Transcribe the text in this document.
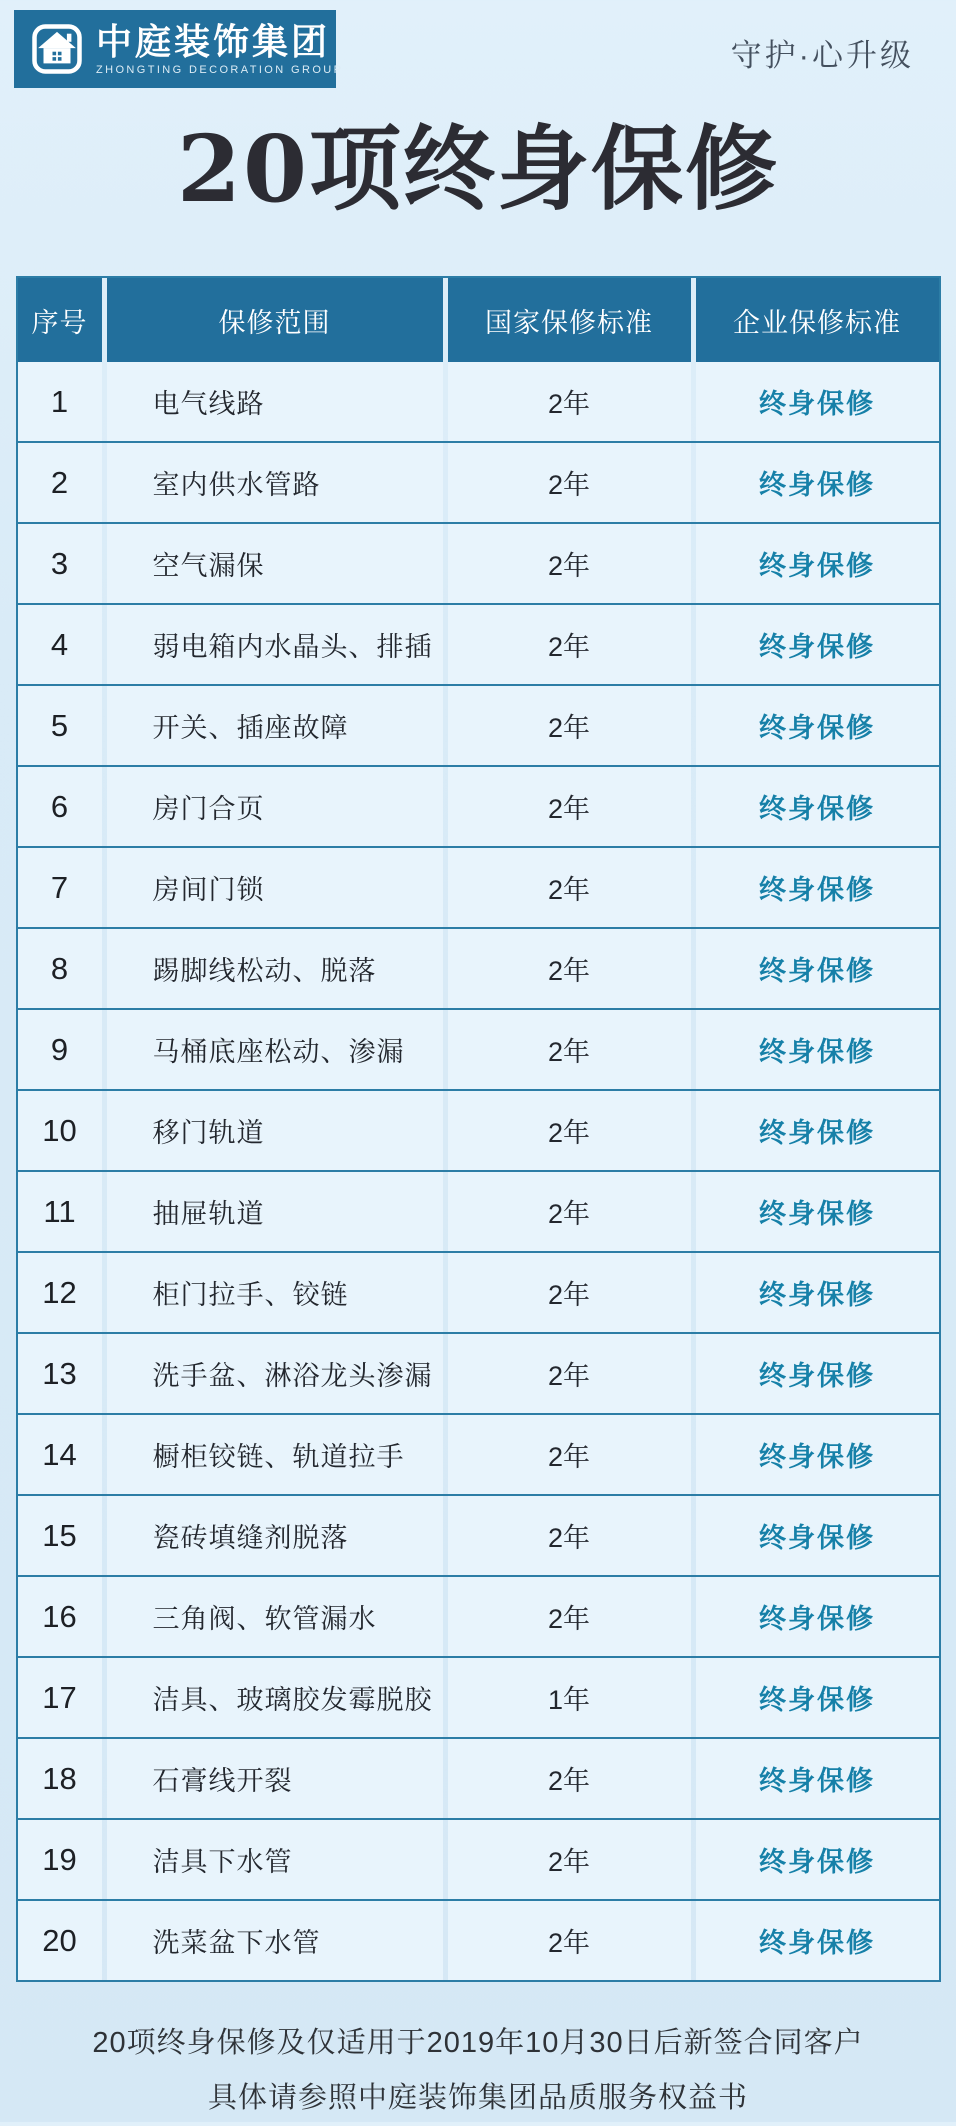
中庭装饰集团
ZHONGTING DECORATION GROUP	守护·心升级
20项终身保修
序号	保修范围	国家保修标准	企业保修标准
1	电气线路	2年	终身保修
2	室内供水管路	2年	终身保修
3	空气漏保	2年	终身保修
4	弱电箱内水晶头、排插	2年	终身保修
5	开关、插座故障	2年	终身保修
6	房门合页	2年	终身保修
7	房间门锁	2年	终身保修
8	踢脚线松动、脱落	2年	终身保修
9	马桶底座松动、渗漏	2年	终身保修
10	移门轨道	2年	终身保修
11	抽屉轨道	2年	终身保修
12	柜门拉手、铰链	2年	终身保修
13	洗手盆、淋浴龙头渗漏	2年	终身保修
14	橱柜铰链、轨道拉手	2年	终身保修
15	瓷砖填缝剂脱落	2年	终身保修
16	三角阀、软管漏水	2年	终身保修
17	洁具、玻璃胶发霉脱胶	1年	终身保修
18	石膏线开裂	2年	终身保修
19	洁具下水管	2年	终身保修
20	洗菜盆下水管	2年	终身保修
20项终身保修及仅适用于2019年10月30日后新签合同客户
具体请参照中庭装饰集团品质服务权益书
